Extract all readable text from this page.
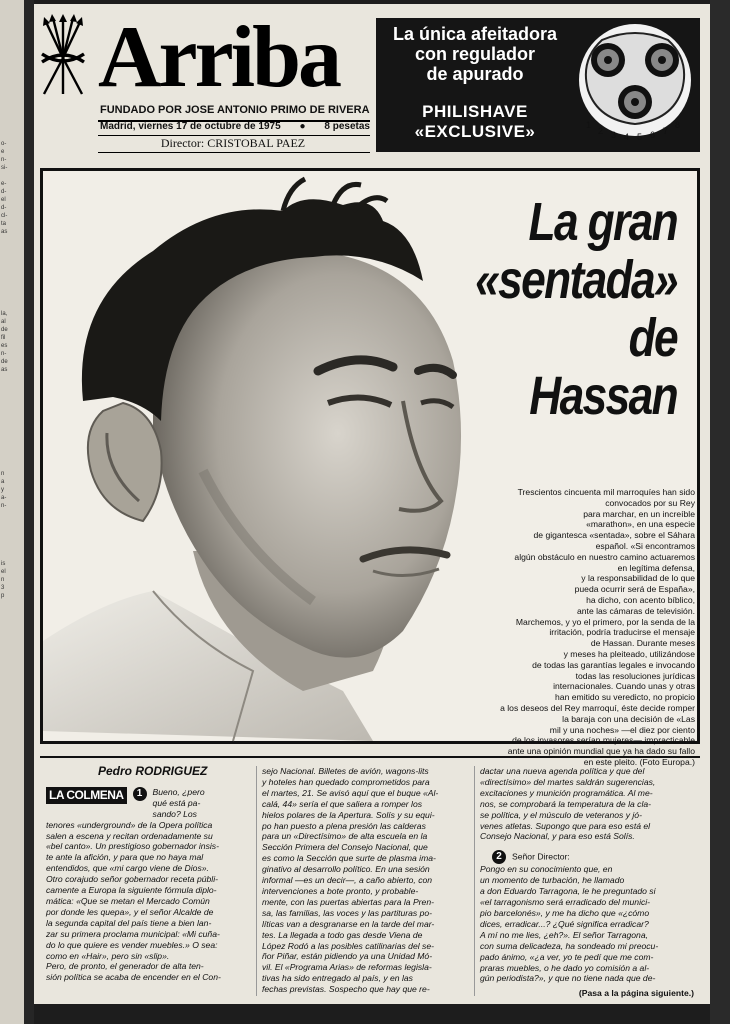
o-
e
n-
si-
e-
d-
el
d-
cl-
ta
as
la,
al
de
fil
es
n-
de
as
n
a
y
a-
n-
is
el
n
3
p
Arriba
FUNDADO POR JOSE ANTONIO PRIMO DE RIVERA
Madrid, viernes 17 de octubre de 1975 ● 8 pesetas
Director: CRISTOBAL PAEZ
La única afeitadora
con regulador
de apurado
PHILISHAVE
«EXCLUSIVE»	1
2 3 4 5 6 7
8
La gran
«sentada»
de
Hassan
Trescientos cincuenta mil marroquíes han sido
convocados por su Rey
para marchar, en un increíble
«marathon», en una especie
de gigantesca «sentada», sobre el Sáhara
español. «Si encontramos
algún obstáculo en nuestro camino actuaremos
en legítima defensa,
y la responsabilidad de lo que
pueda ocurrir será de España»,
ha dicho, con acento bíblico,
ante las cámaras de televisión.
Marchemos, y yo el primero, por la senda de la
irritación, podría traducirse el mensaje
de Hassan. Durante meses
y meses ha pleiteado, utilizándose
de todas las garantías legales e invocando
todas las resoluciones jurídicas
internacionales. Cuando unas y otras
han emitido su veredicto, no propicio
a los deseos del Rey marroquí, éste decide romper
la baraja con una decisión de «Las
mil y una noches» —el diez por ciento
de los invasores serían mujeres— impracticable
ante una opinión mundial que ya ha dado su fallo
en este pleito. (Foto Europa.)
Pedro RODRIGUEZ
LA COLMENA	1	Bueno, ¿pero
qué está pa-
sando? Los

tenores «underground» de la Opera política
salen a escena y recitan ordenadamente su
«bel canto». Un prestigioso gobernador insis-
te ante la afición, y para que no haya mal
entendidos, que «mi cargo viene de Dios».
Otro corajudo señor gobernador receta públi-
camente a Europa la siguiente fórmula diplo-
mática: «Que se metan el Mercado Común
por donde les quepa», y el señor Alcalde de
la segunda capital del país tiene a bien lan-
zar su primera proclama municipal: «Mi cuña-
do lo que quiere es vender muebles.» O sea:
como en «Hair», pero sin «slip».
Pero, de pronto, el generador de alta ten-
sión política se acaba de encender en el Con-

sejo Nacional. Billetes de avión, wagons-lits
y hoteles han quedado comprometidos para
el martes, 21. Se avisó aquí que el buque «Al-
calá, 44» sería el que saliera a romper los
hielos polares de la Apertura. Solís y su equi-
po han puesto a plena presión las calderas
para un «Directísimo» de alta escuela en la
Sección Primera del Consejo Nacional, que
es como la Sección que surte de plasma ima-
ginativo al desarrollo político. En una sesión
informal —es un decir—, a caño abierto, con
intervenciones a bote pronto, y probable-
mente, con las puertas abiertas para la Pren-
sa, las familias, las voces y las partituras po-
líticas van a desgranarse en la tarde del mar-
tes. La llegada a todo gas desde Viena de
López Rodó a las posibles catilinarias del se-
ñor Piñar, están pidiendo ya una Unidad Mó-
vil. El «Programa Arias» de reformas legisla-
tivas ha sido entregado al país, y en las
fechas previstas. Sospecho que hay que re-

dactar una nueva agenda política y que del
«directísimo» del martes saldrán sugerencias,
excitaciones y munición programática. Al me-
nos, se comprobará la temperatura de la cla-
se política, y el músculo de veteranos y jó-
venes atletas. Supongo que para eso está el
Consejo Nacional, y para eso está Solís.

2 Señor Director:

Pongo en su conocimiento que, en
un momento de turbación, he llamado
a don Eduardo Tarragona, le he preguntado si
«el tarragonismo será erradicado del munici-
pio barcelonés», y me ha dicho que «¿cómo
dices, erradicar...? ¿Qué significa erradicar?
A mí no me lies, ¿eh?». El señor Tarragona,
con suma delicadeza, ha sondeado mi preocu-
pado ánimo, «¿a ver, yo te pedí que me com-
praras muebles, o he dado yo comisión a al-
gún periodista?», y que no tiene nada que de-

(Pasa a la página siguiente.)
